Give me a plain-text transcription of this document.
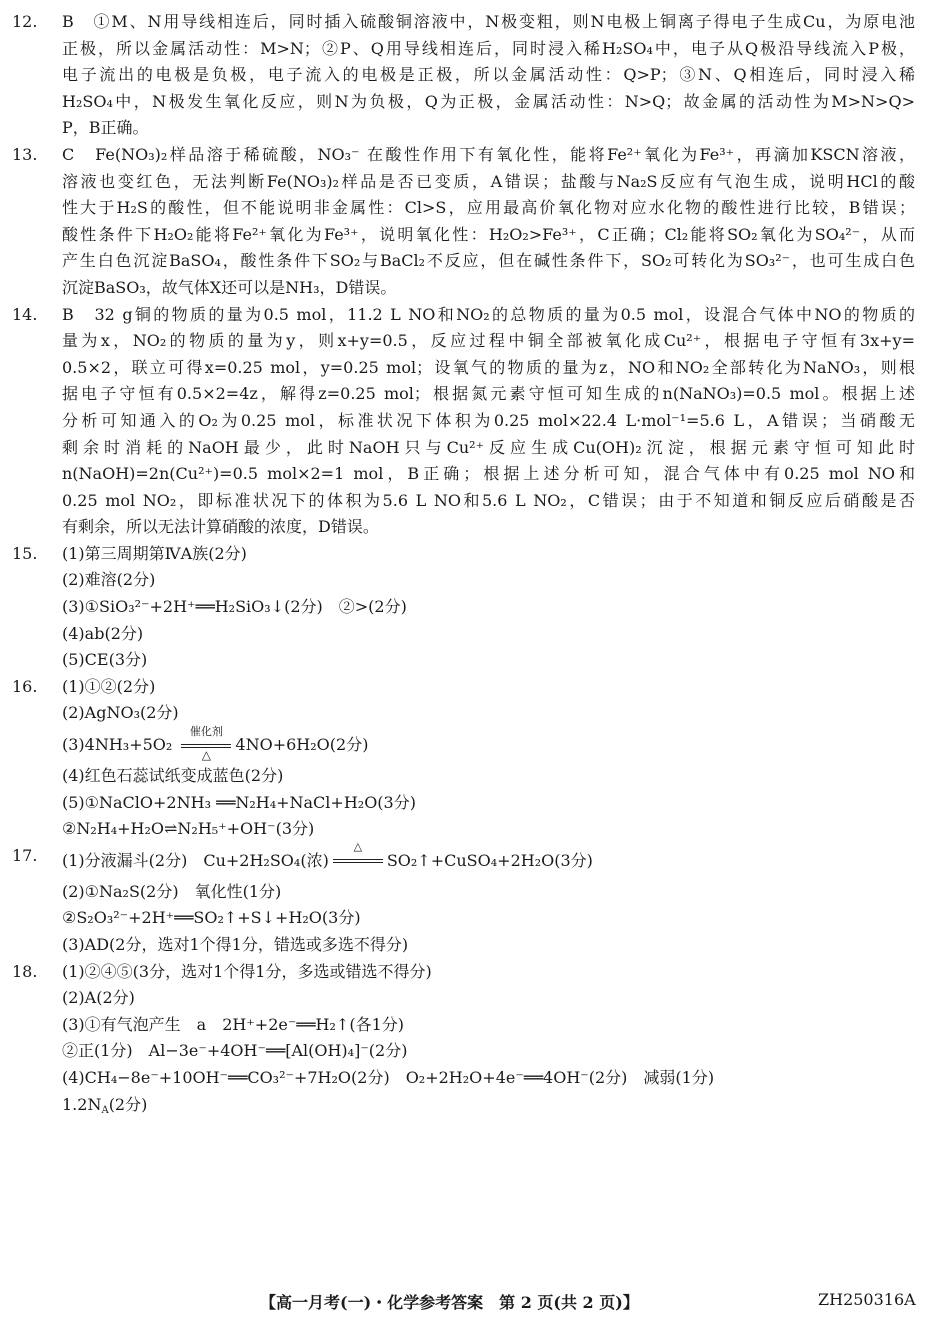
12. B　①M、N用导线相连后，同时插入硫酸铜溶液中，N极变粗，则N电极上铜离子得电子生成Cu，为原电池
正极，所以金属活动性：M>N；②P、Q用导线相连后，同时浸入稀H₂SO₄中，电子从Q极沿导线流入P极，
电子流出的电极是负极，电子流入的电极是正极，所以金属活动性：Q>P；③N、Q相连后，同时浸入稀
H₂SO₄中，N极发生氧化反应，则N为负极，Q为正极，金属活动性：N>Q；故金属的活动性为M>N>Q>
P，B正确。
13. C　Fe(NO₃)₂样品溶于稀硫酸，NO₃⁻ 在酸性作用下有氧化性，能将Fe²⁺氧化为Fe³⁺，再滴加KSCN溶液，
溶液也变红色，无法判断Fe(NO₃)₂样品是否已变质，A错误；盐酸与Na₂S反应有气泡生成，说明HCl的酸
性大于H₂S的酸性，但不能说明非金属性：Cl>S，应用最高价氧化物对应水化物的酸性进行比较，B错误；
酸性条件下H₂O₂能将Fe²⁺氧化为Fe³⁺，说明氧化性：H₂O₂>Fe³⁺，C正确；Cl₂能将SO₂氧化为SO₄²⁻，从而
产生白色沉淀BaSO₄，酸性条件下SO₂与BaCl₂不反应，但在碱性条件下，SO₂可转化为SO₃²⁻，也可生成白色
沉淀BaSO₃，故气体X还可以是NH₃，D错误。
14. B　32 g铜的物质的量为0.5 mol，11.2 L NO和NO₂的总物质的量为0.5 mol，设混合气体中NO的物质的
量为x，NO₂的物质的量为y，则x+y=0.5，反应过程中铜全部被氧化成Cu²⁺，根据电子守恒有3x+y=
0.5×2，联立可得x=0.25 mol，y=0.25 mol；设氧气的物质的量为z，NO和NO₂全部转化为NaNO₃，则根
据电子守恒有0.5×2=4z，解得z=0.25 mol；根据氮元素守恒可知生成的n(NaNO₃)=0.5 mol。根据上述
分析可知通入的O₂为0.25 mol，标准状况下体积为0.25 mol×22.4 L·mol⁻¹=5.6 L，A错误；当硝酸无
剩余时消耗的NaOH最少，此时NaOH只与Cu²⁺反应生成Cu(OH)₂沉淀，根据元素守恒可知此时
n(NaOH)=2n(Cu²⁺)=0.5 mol×2=1 mol，B正确；根据上述分析可知，混合气体中有0.25 mol NO和
0.25 mol NO₂，即标准状况下的体积为5.6 L NO和5.6 L NO₂，C错误；由于不知道和铜反应后硝酸是否
有剩余，所以无法计算硝酸的浓度，D错误。
15. (1)第三周期第ⅣA族(2分)
(2)难溶(2分)
(3)①SiO₃²⁻+2H⁺══H₂SiO₃↓(2分)　②>(2分)
(4)ab(2分)
(5)CE(3分)
16. (1)①②(2分)
(2)AgNO₃(2分)
(3)4NH₃+5O₂
催化剂
△
4NO+6H₂O(2分)
(4)红色石蕊试纸变成蓝色(2分)
(5)①NaClO+2NH₃ ══N₂H₄+NaCl+H₂O(3分)
②N₂H₄+H₂O⇌N₂H₅⁺+OH⁻(3分)
17. (1)分液漏斗(2分)　Cu+2H₂SO₄(浓)
△
SO₂↑+CuSO₄+2H₂O(3分)
(2)①Na₂S(2分)　氧化性(1分)
②S₂O₃²⁻+2H⁺══SO₂↑+S↓+H₂O(3分)
(3)AD(2分，选对1个得1分，错选或多选不得分)
18. (1)②④⑤(3分，选对1个得1分，多选或错选不得分)
(2)A(2分)
(3)①有气泡产生　a　2H⁺+2e⁻══H₂↑(各1分)
②正(1分)　Al−3e⁻+4OH⁻══[Al(OH)₄]⁻(2分)
(4)CH₄−8e⁻+10OH⁻══CO₃²⁻+7H₂O(2分)　O₂+2H₂O+4e⁻══4OH⁻(2分)　减弱(1分)
$1.2N_A(2$分)
【高一月考(一)・化学参考答案　第 2 页(共 2 页)】	ZH250316A
